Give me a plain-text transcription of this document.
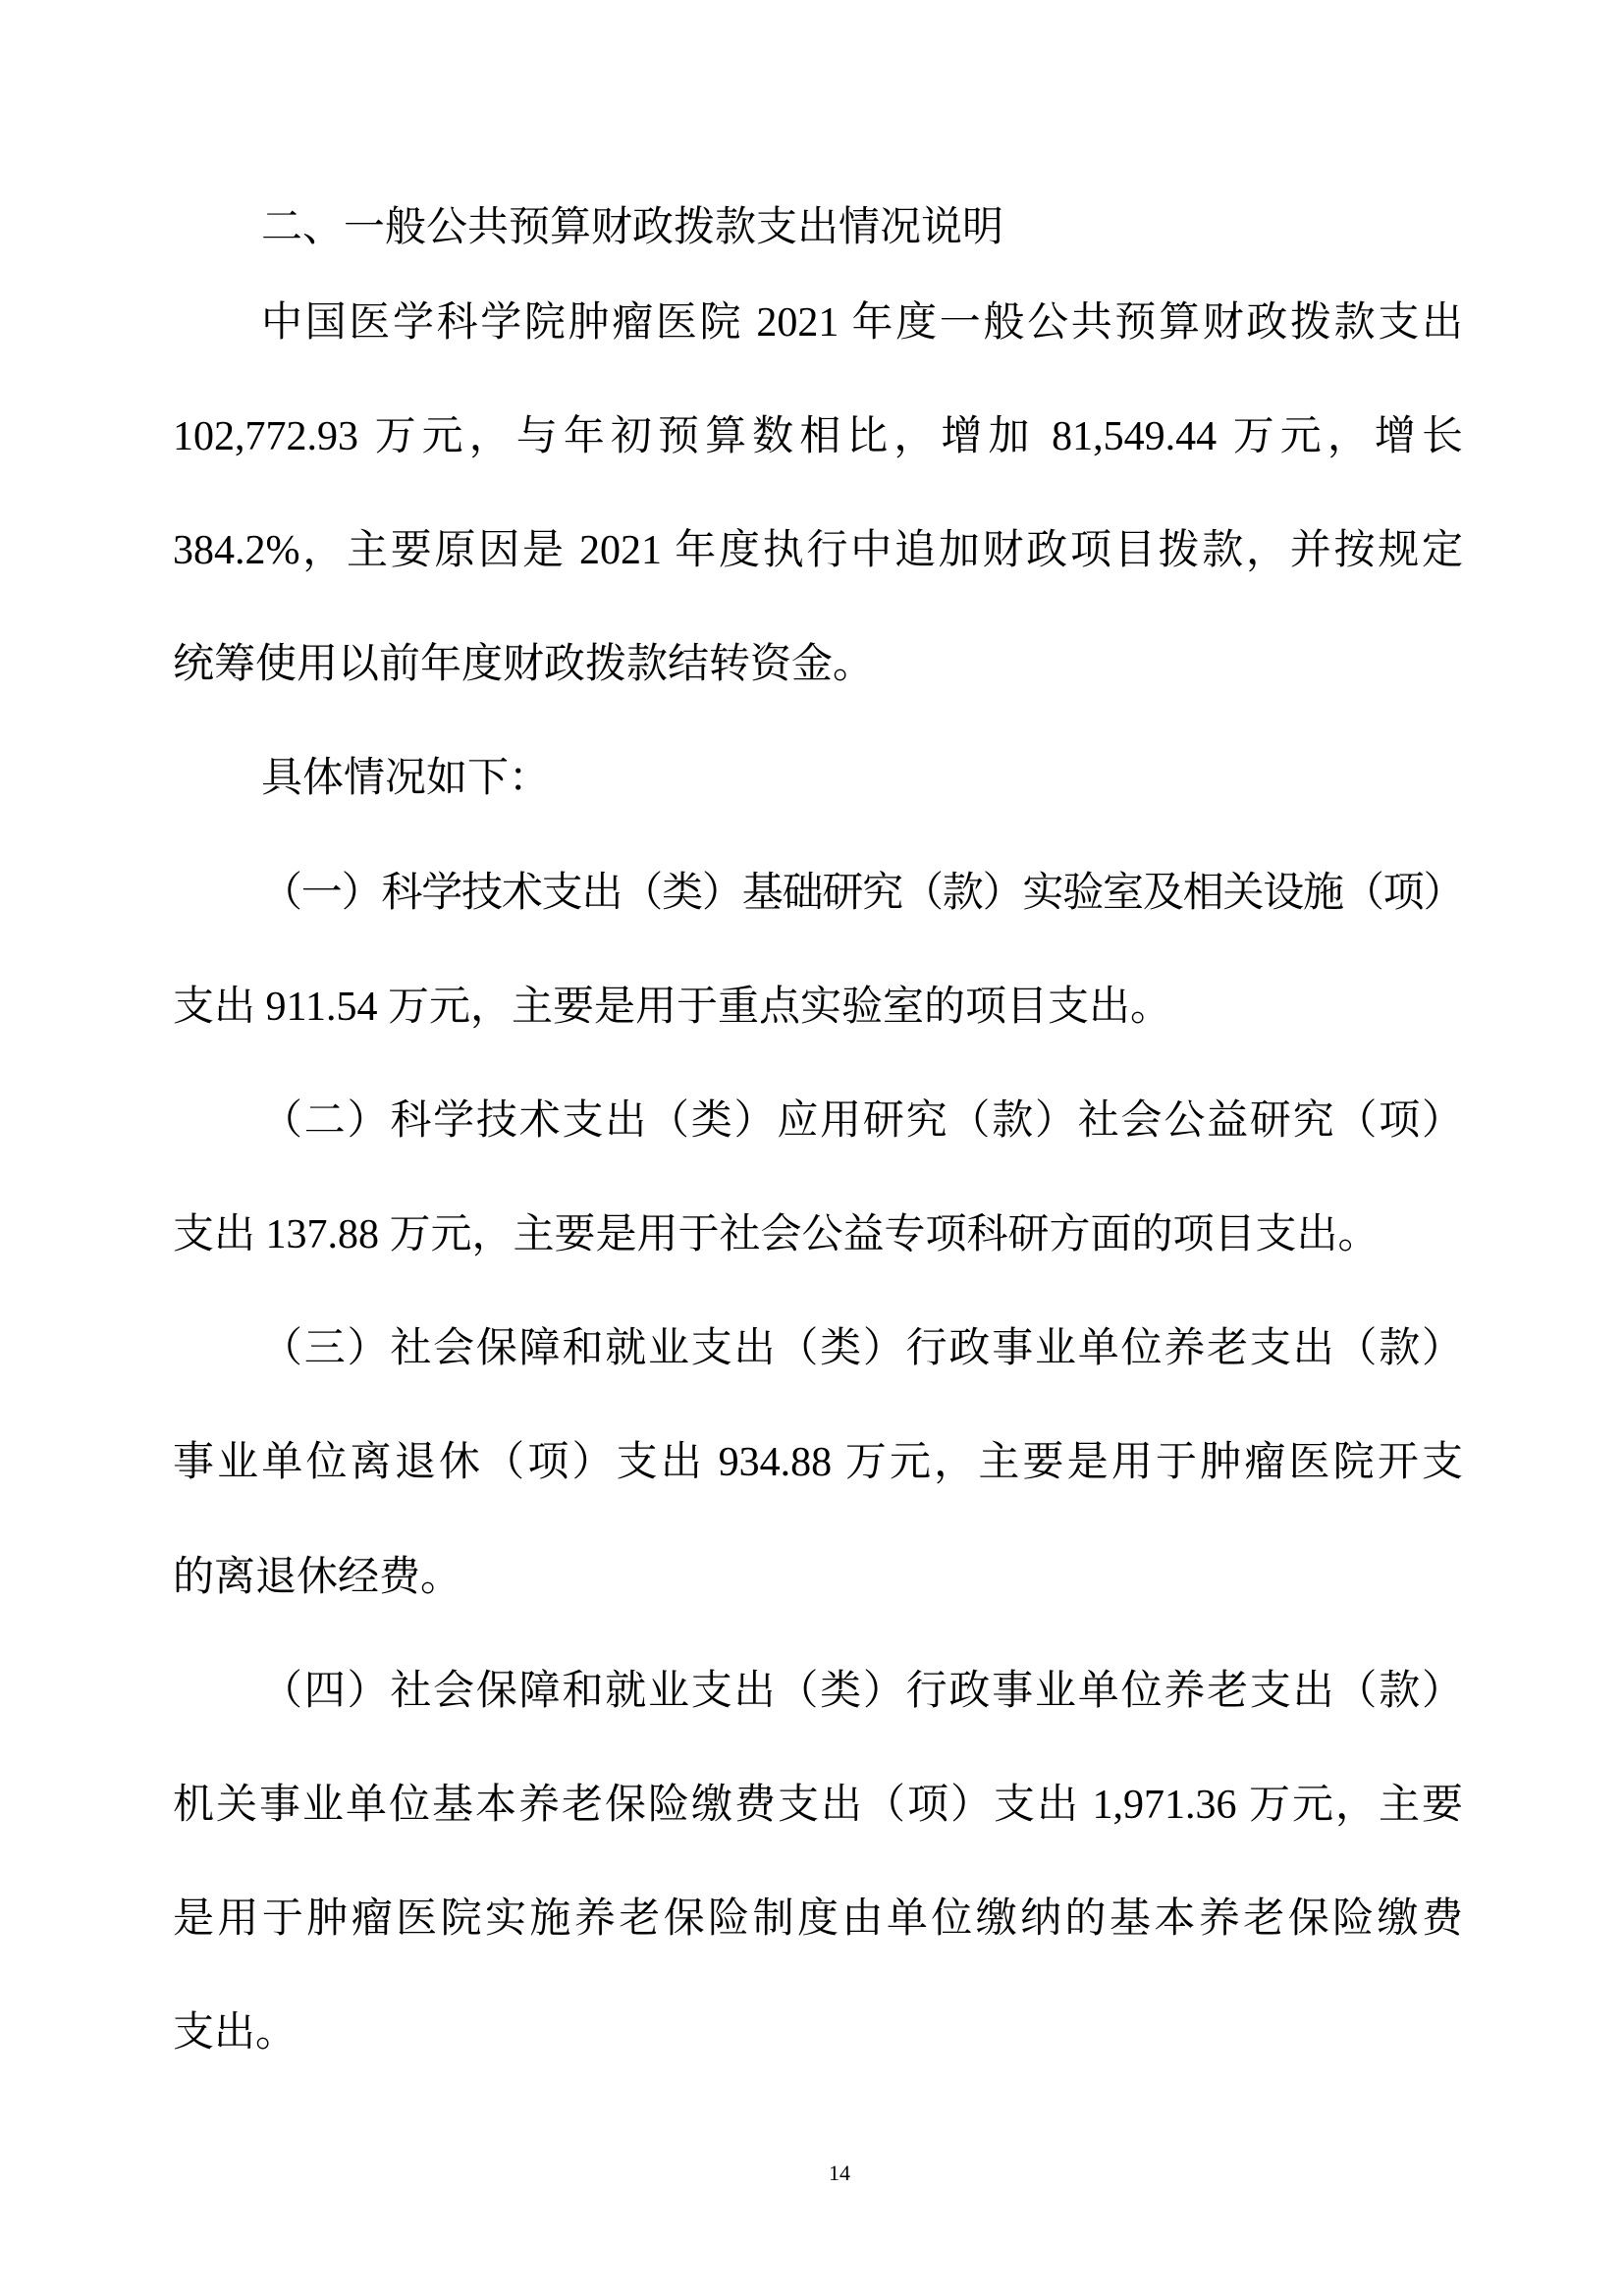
二、一般公共预算财政拨款支出情况说明
中国医学科学院肿瘤医院 2021 年度一般公共预算财政拨款支出
102,772.93 万元，与年初预算数相比，增加 81,549.44 万元，增长
384.2%，主要原因是 2021 年度执行中追加财政项目拨款，并按规定
统筹使用以前年度财政拨款结转资金。
具体情况如下：
（一）科学技术支出（类）基础研究（款）实验室及相关设施（项）
支出 911.54 万元，主要是用于重点实验室的项目支出。
（二）科学技术支出（类）应用研究（款）社会公益研究（项）
支出 137.88 万元，主要是用于社会公益专项科研方面的项目支出。
（三）社会保障和就业支出（类）行政事业单位养老支出（款）
事业单位离退休（项）支出 934.88 万元，主要是用于肿瘤医院开支
的离退休经费。
（四）社会保障和就业支出（类）行政事业单位养老支出（款）
机关事业单位基本养老保险缴费支出（项）支出 1,971.36 万元，主要
是用于肿瘤医院实施养老保险制度由单位缴纳的基本养老保险缴费
支出。
14
